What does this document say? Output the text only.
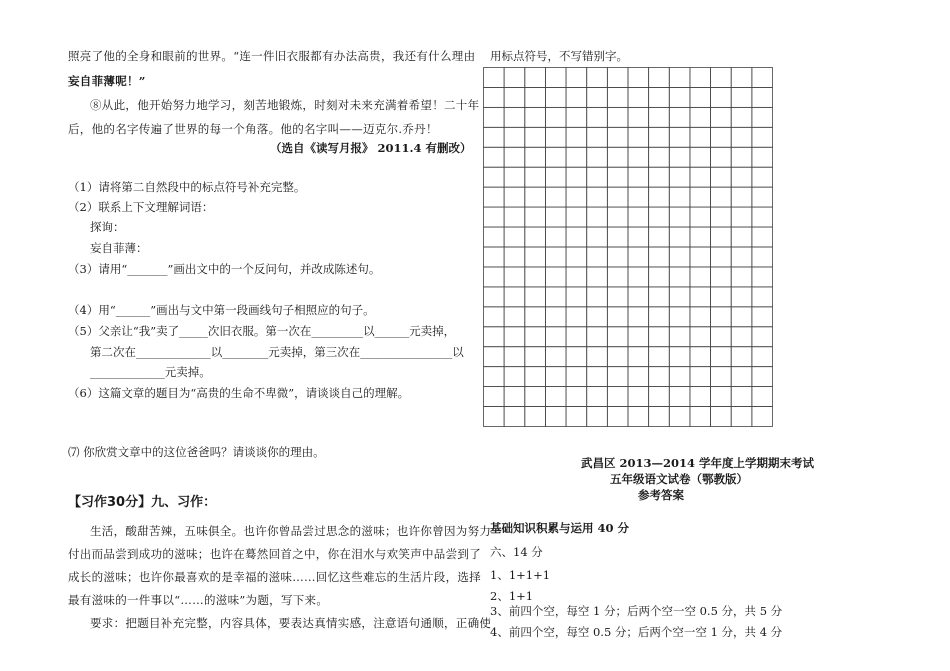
照亮了他的全身和眼前的世界。“连一件旧衣服都有办法高贵，我还有什么理由
妄自菲薄呢！”
⑧从此，他开始努力地学习，刻苦地锻炼，时刻对未来充满着希望！二十年
后，他的名字传遍了世界的每一个角落。他的名字叫——迈克尔.乔丹！
（选自《读写月报》 2011.4 有删改）
（1）请将第二自然段中的标点符号补充完整。
（2）联系上下文理解词语：
探询：
妄自菲薄：
（3）请用“_______”画出文中的一个反问句，并改成陈述句。
（4）用“______”画出与文中第一段画线句子相照应的句子。
（5）父亲让“我”卖了_____次旧衣服。第一次在_________以______元卖掉，
第二次在_____________以________元卖掉，第三次在________________以
_____________元卖掉。
（6）这篇文章的题目为“高贵的生命不卑微”，请谈谈自己的理解。
⑺ 你欣赏文章中的这位爸爸吗？请谈谈你的理由。
【习作30分】九、习作：
生活，酸甜苦辣，五味俱全。也许你曾品尝过思念的滋味；也许你曾因为努力
付出而品尝到成功的滋味；也许在蓦然回首之中，你在泪水与欢笑声中品尝到了
成长的滋味；也许你最喜欢的是幸福的滋味……回忆这些难忘的生活片段，选择
最有滋味的一件事以“……的滋味”为题，写下来。
要求：把题目补充完整，内容具体，要表达真情实感，注意语句通顺，正确使
用标点符号，不写错别字。
武昌区 2013—2014 学年度上学期期末考试
五年级语文试卷（鄂教版）
参考答案
基础知识积累与运用 40 分
六、14 分
1、1+1+1
2、1+1
3、前四个空，每空 1 分；后两个空一空 0.5 分，共 5 分
4、前四个空，每空 0.5 分；后两个空一空 1 分，共 4 分
